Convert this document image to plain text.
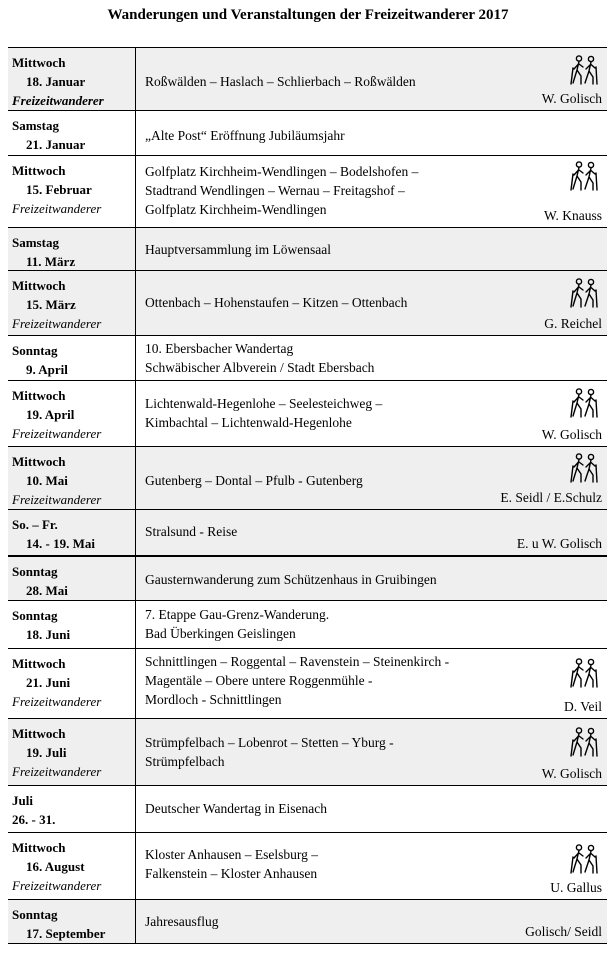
Wanderungen und Veranstaltungen der Freizeitwanderer 2017
Mittwoch
18. Januar
Freizeitwanderer
Roßwälden – Haslach – Schlierbach – Roßwälden
W. Golisch
Samstag
21. Januar
„Alte Post“ Eröffnung Jubiläumsjahr
Mittwoch
15. Februar
Freizeitwanderer
Golfplatz Kirchheim-Wendlingen – Bodelshofen –
Stadtrand Wendlingen – Wernau – Freitagshof –
Golfplatz Kirchheim-Wendlingen	W. Knauss
Samstag
11. März
Hauptversammlung im Löwensaal
Mittwoch
15. März
Freizeitwanderer
Ottenbach – Hohenstaufen – Kitzen – Ottenbach
G. Reichel
Sonntag
9. April
10. Ebersbacher Wandertag
Schwäbischer Albverein / Stadt Ebersbach
Mittwoch
19. April
Freizeitwanderer
Lichtenwald-Hegenlohe – Seelesteichweg –
Kimbachtal – Lichtenwald-Hegenlohe
W. Golisch
Mittwoch
10. Mai
Freizeitwanderer
Gutenberg – Dontal – Pfulb - Gutenberg
E. Seidl / E.Schulz
So. – Fr.
14. - 19. Mai
Stralsund - Reise
E. u W. Golisch
Sonntag
28. Mai
Gausternwanderung zum Schützenhaus in Gruibingen
Sonntag
18. Juni
7. Etappe Gau-Grenz-Wanderung.
Bad Überkingen Geislingen
Mittwoch
21. Juni
Freizeitwanderer
Schnittlingen – Roggental – Ravenstein – Steinenkirch -
Magentäle – Obere untere Roggenmühle -
Mordloch - Schnittlingen	D. Veil
Mittwoch
19. Juli
Freizeitwanderer
Strümpfelbach – Lobenrot – Stetten – Yburg -
Strümpfelbach
W. Golisch
Juli
26. - 31.
Deutscher Wandertag in Eisenach
Mittwoch
16. August
Freizeitwanderer
Kloster Anhausen – Eselsburg –
Falkenstein – Kloster Anhausen
U. Gallus
Sonntag
17. September
Jahresausflug
Golisch/ Seidl
